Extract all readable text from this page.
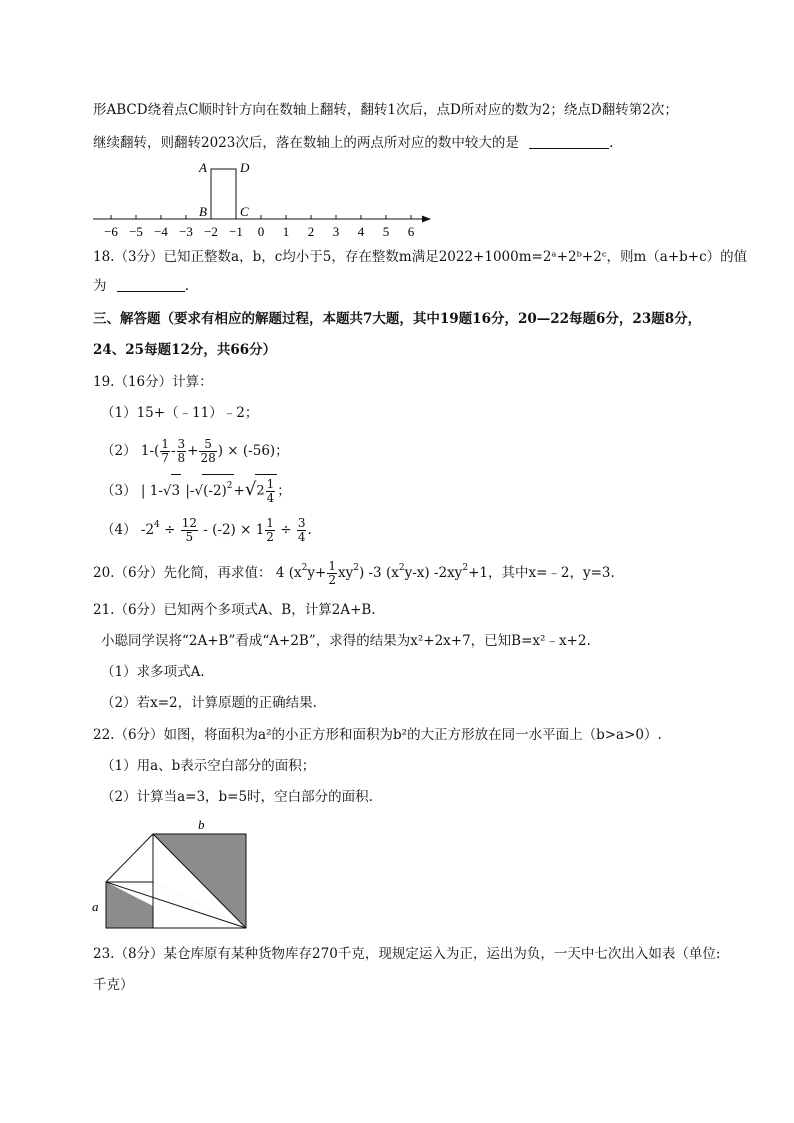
形ABCD绕着点C顺时针方向在数轴上翻转，翻转1次后，点D所对应的数为2；绕点D翻转第2次；
继续翻转，则翻转2023次后，落在数轴上的两点所对应的数中较大的是	.
A	D
B	C
−6 −5 −4 −3 −2 −1 0 1 2 3 4 5 6
18.（3分）已知正整数a，b，c均小于5，存在整数m满足2022+1000m=2ᵃ+2ᵇ+2ᶜ，则m（a+b+c）的值
为	.
三、解答题（要求有相应的解题过程，本题共7大题，其中19题16分，20—22每题6分，23题8分，
24、25每题12分，共66分）
19.（16分）计算：
（1）15+（﹣11）﹣2；
（2） $1-( \frac{1}{7} - \frac{3}{8} + \frac{5}{28}$ ) × (-56)；
（3） | 1-√3 $|-√(-2)^2+√2 \frac{1}{4}$ ；
（4） $-2^4 \div \frac{12}{5} - (-2) \times 1 \frac{1}{2} \div \frac{3}{4}$ .
20.（6分）先化简，再求值： 4 $(x^2y+ \frac{1}{2} xy^2)$ -3 $(x^2y-x)$ $-2xy^2+1$，其中x=﹣2，y=3.
21.（6分）已知两个多项式A、B，计算2A+B.
小聪同学误将“2A+B”看成“A+2B”，求得的结果为x²+2x+7，已知B=x²﹣x+2.
（1）求多项式A.
（2）若x=2，计算原题的正确结果.
22.（6分）如图，将面积为a²的小正方形和面积为b²的大正方形放在同一水平面上（b>a>0）.
（1）用a、b表示空白部分的面积；
（2）计算当a=3，b=5时，空白部分的面积.
b
a
23.（8分）某仓库原有某种货物库存270千克，现规定运入为正，运出为负，一天中七次出入如表（单位:
千克）
